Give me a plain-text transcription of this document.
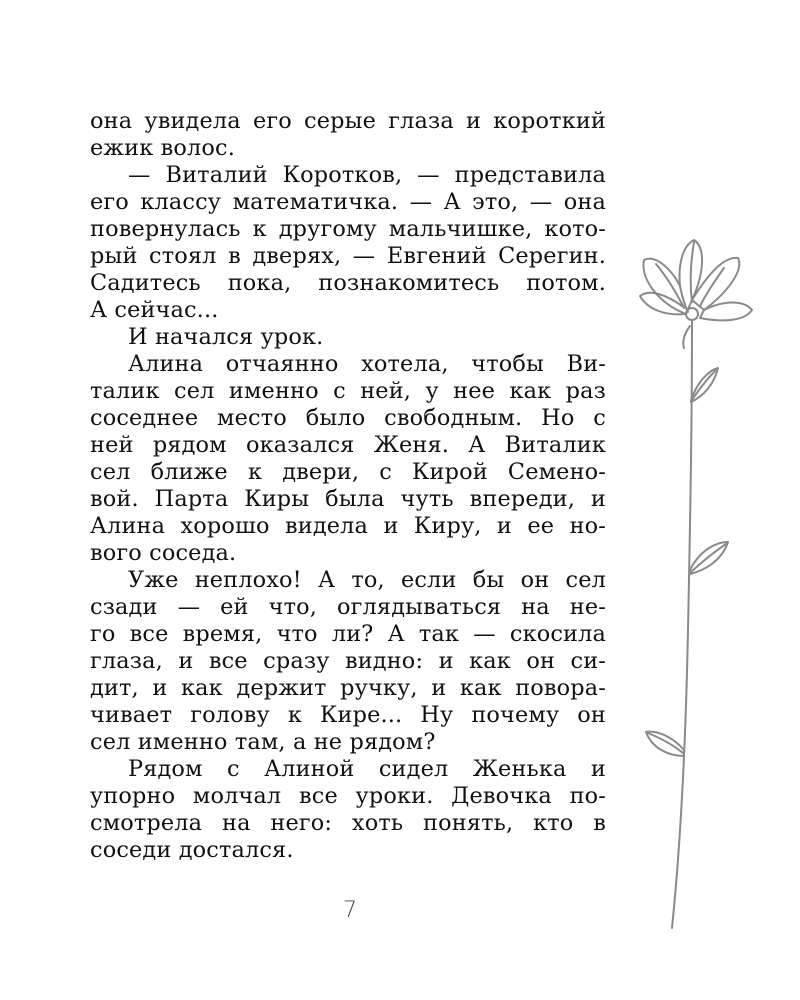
она увидела его серые глаза и короткий
ежик волос.
— Виталий Коротков, — представила
его классу математичка. — А это, — она
повернулась к другому мальчишке, кото-
рый стоял в дверях, — Евгений Серегин.
Садитесь пока, познакомитесь потом.
А сейчас...
И начался урок.
Алина отчаянно хотела, чтобы Ви-
талик сел именно с ней, у нее как раз
соседнее место было свободным. Но с
ней рядом оказался Женя. А Виталик
сел ближе к двери, с Кирой Семено-
вой. Парта Киры была чуть впереди, и
Алина хорошо видела и Киру, и ее но-
вого соседа.
Уже неплохо! А то, если бы он сел
сзади — ей что, оглядываться на не-
го все время, что ли? А так — скосила
глаза, и все сразу видно: и как он си-
дит, и как держит ручку, и как повора-
чивает голову к Кире... Ну почему он
сел именно там, а не рядом?
Рядом с Алиной сидел Женька и
упорно молчал все уроки. Девочка по-
смотрела на него: хоть понять, кто в
соседи достался.
7
